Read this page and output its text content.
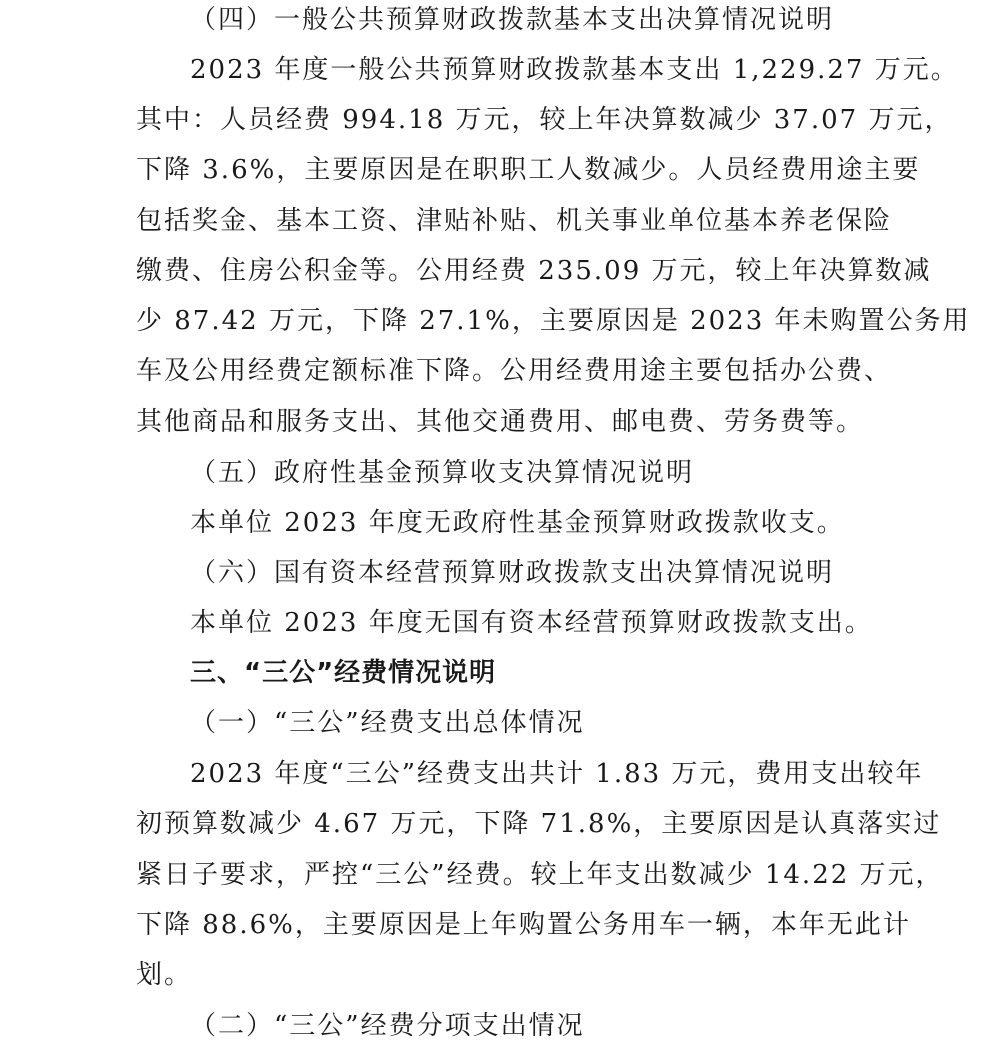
（四）一般公共预算财政拨款基本支出决算情况说明
2023 年度一般公共预算财政拨款基本支出 1,229.27 万元。
其中：人员经费 994.18 万元，较上年决算数减少 37.07 万元，
下降 3.6%，主要原因是在职职工人数减少。人员经费用途主要
包括奖金、基本工资、津贴补贴、机关事业单位基本养老保险
缴费、住房公积金等。公用经费 235.09 万元，较上年决算数减
少 87.42 万元，下降 27.1%，主要原因是 2023 年未购置公务用
车及公用经费定额标准下降。公用经费用途主要包括办公费、
其他商品和服务支出、其他交通费用、邮电费、劳务费等。
（五）政府性基金预算收支决算情况说明
本单位 2023 年度无政府性基金预算财政拨款收支。
（六）国有资本经营预算财政拨款支出决算情况说明
本单位 2023 年度无国有资本经营预算财政拨款支出。
三、“三公”经费情况说明
（一）“三公”经费支出总体情况
2023 年度“三公”经费支出共计 1.83 万元，费用支出较年
初预算数减少 4.67 万元，下降 71.8%，主要原因是认真落实过
紧日子要求，严控“三公”经费。较上年支出数减少 14.22 万元，
下降 88.6%，主要原因是上年购置公务用车一辆，本年无此计
划。
（二）“三公”经费分项支出情况
